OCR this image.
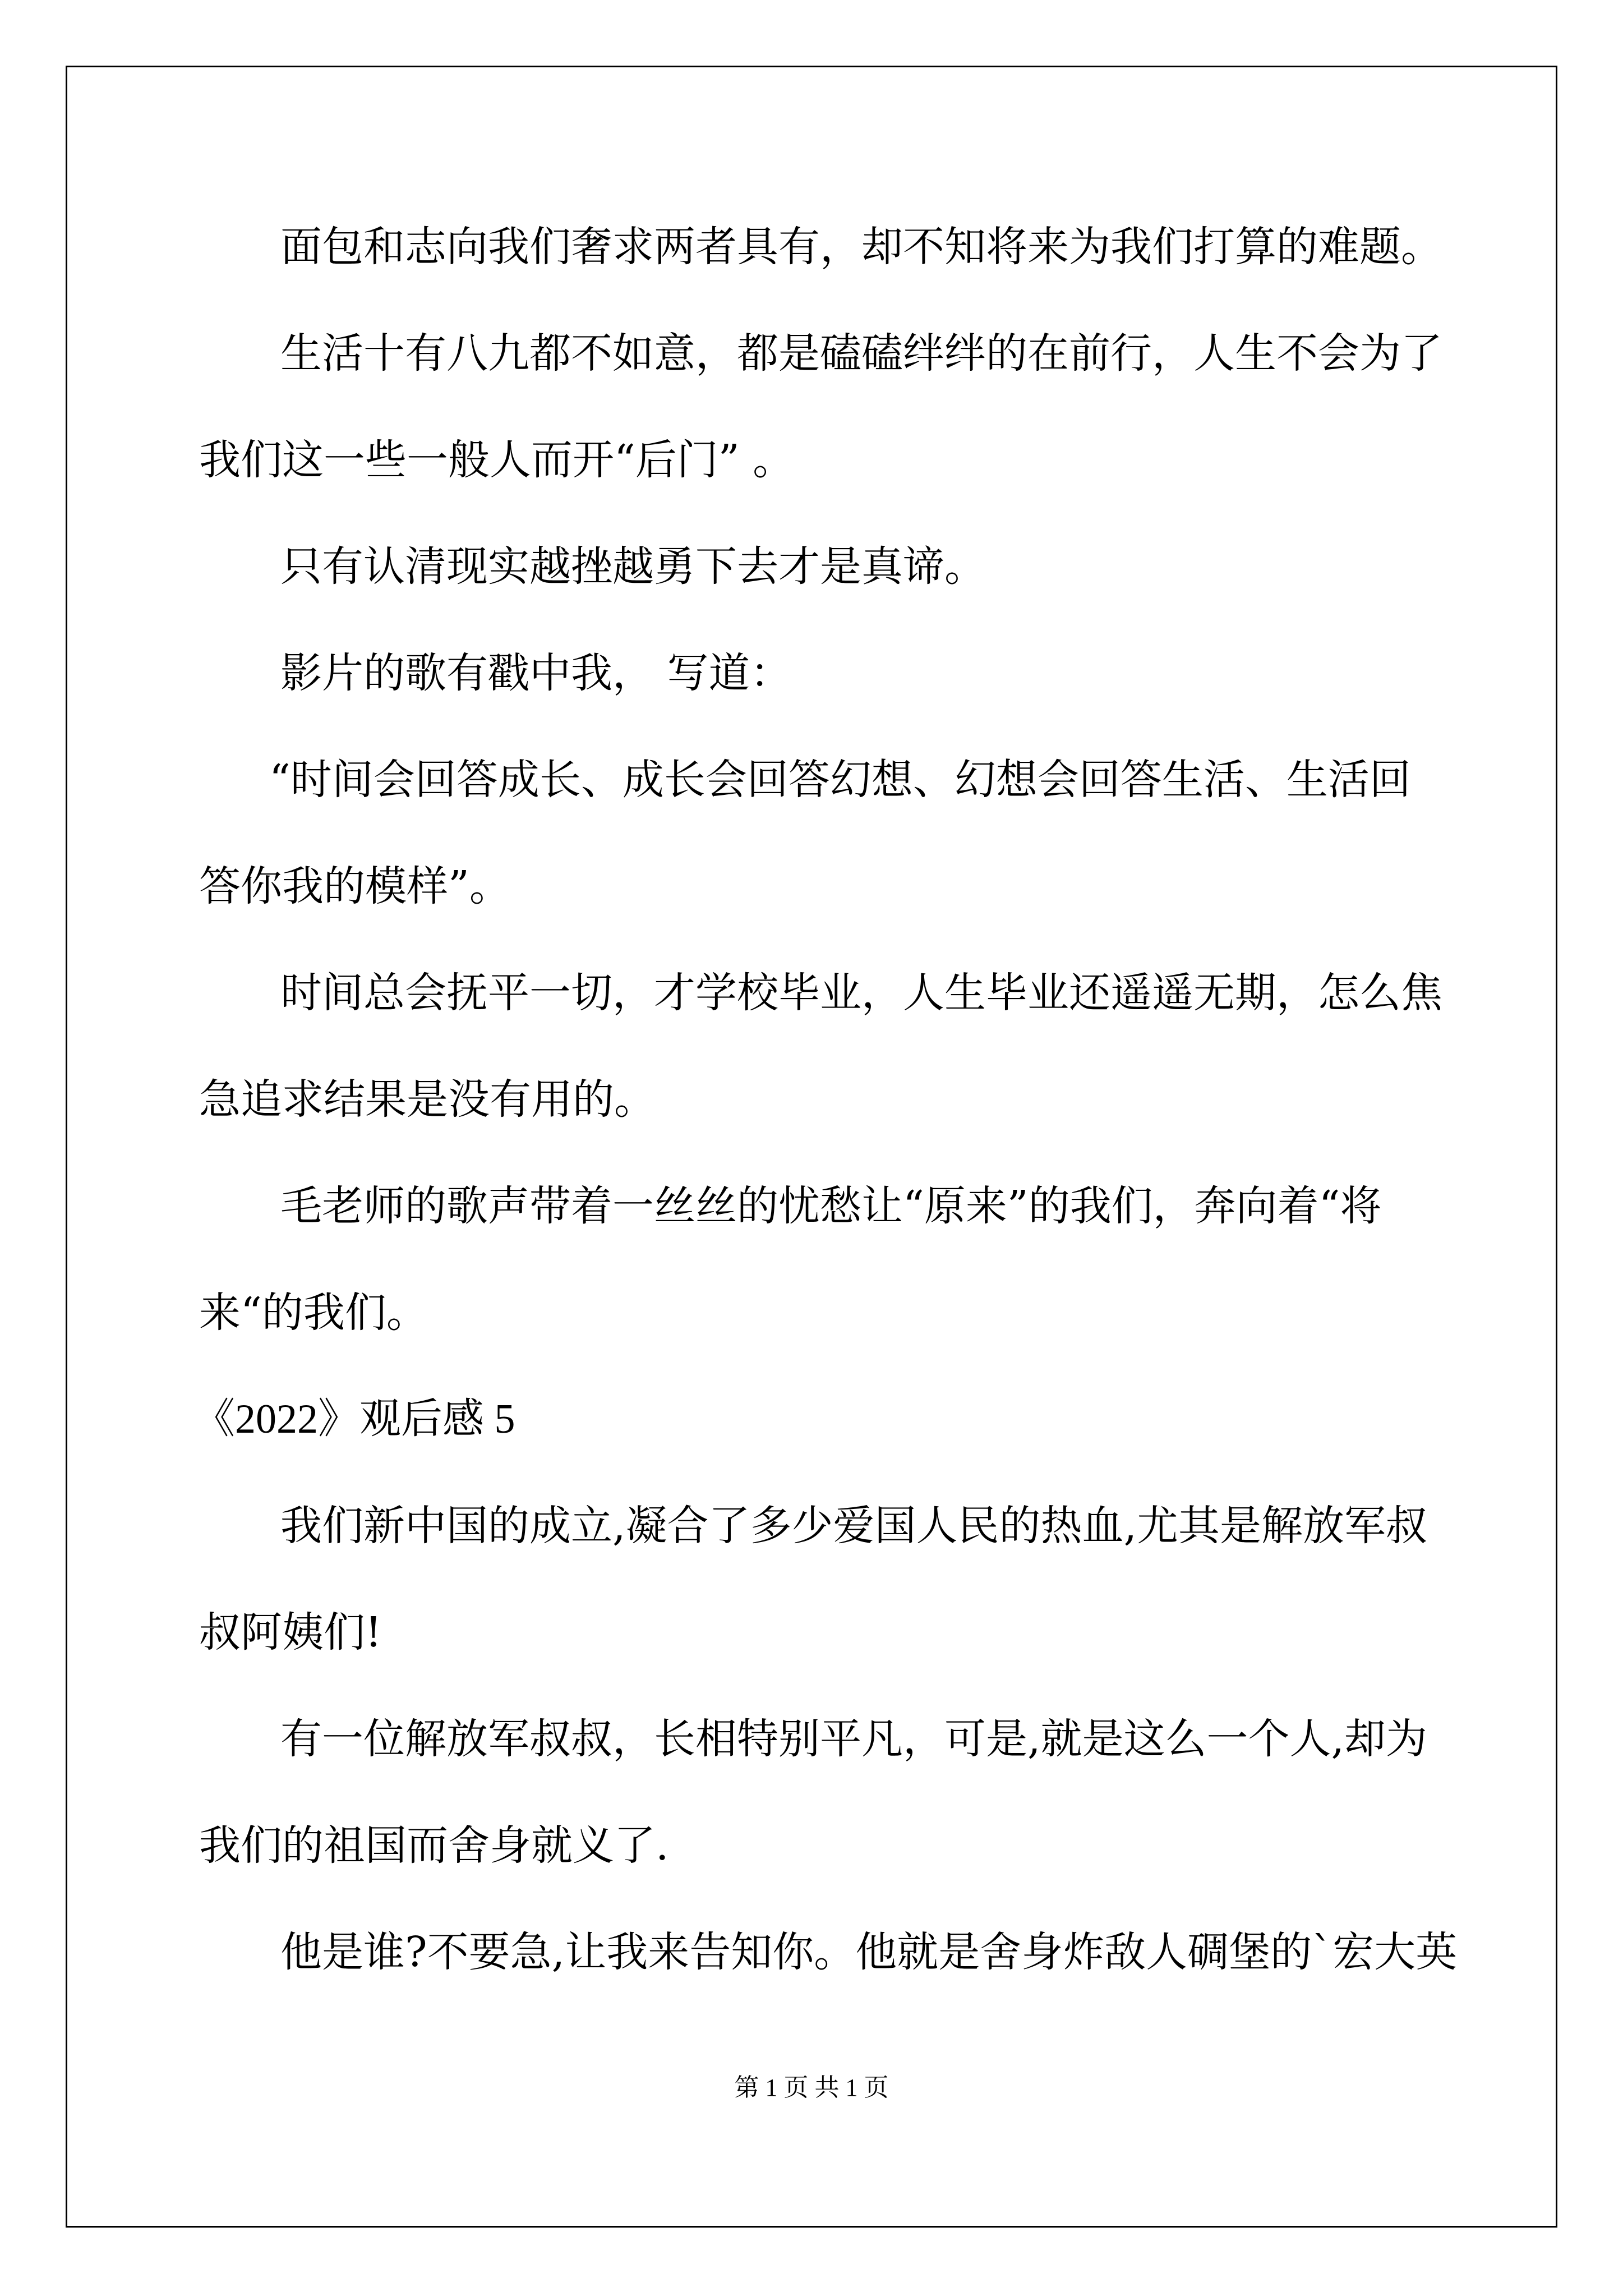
面包和志向我们奢求两者具有，却不知将来为我们打算的难题。
生活十有八九都不如意，都是磕磕绊绊的在前行，人生不会为了
我们这一些一般人而开“后门” 。
只有认清现实越挫越勇下去才是真谛。
影片的歌有戳中我， 写道：
“时间会回答成长、成长会回答幻想、幻想会回答生活、生活回
答你我的模样”。
时间总会抚平一切，才学校毕业，人生毕业还遥遥无期，怎么焦
急追求结果是没有用的。
毛老师的歌声带着一丝丝的忧愁让“原来”的我们，奔向着“将
来“的我们。
《2022》观后感 5
我们新中国的成立,凝合了多少爱国人民的热血,尤其是解放军叔
叔阿姨们!
有一位解放军叔叔，长相特别平凡，可是,就是这么一个人,却为
我们的祖国而舍身就义了.
他是谁?不要急,让我来告知你。他就是舍身炸敌人碉堡的`宏大英
第 1 页 共 1 页
